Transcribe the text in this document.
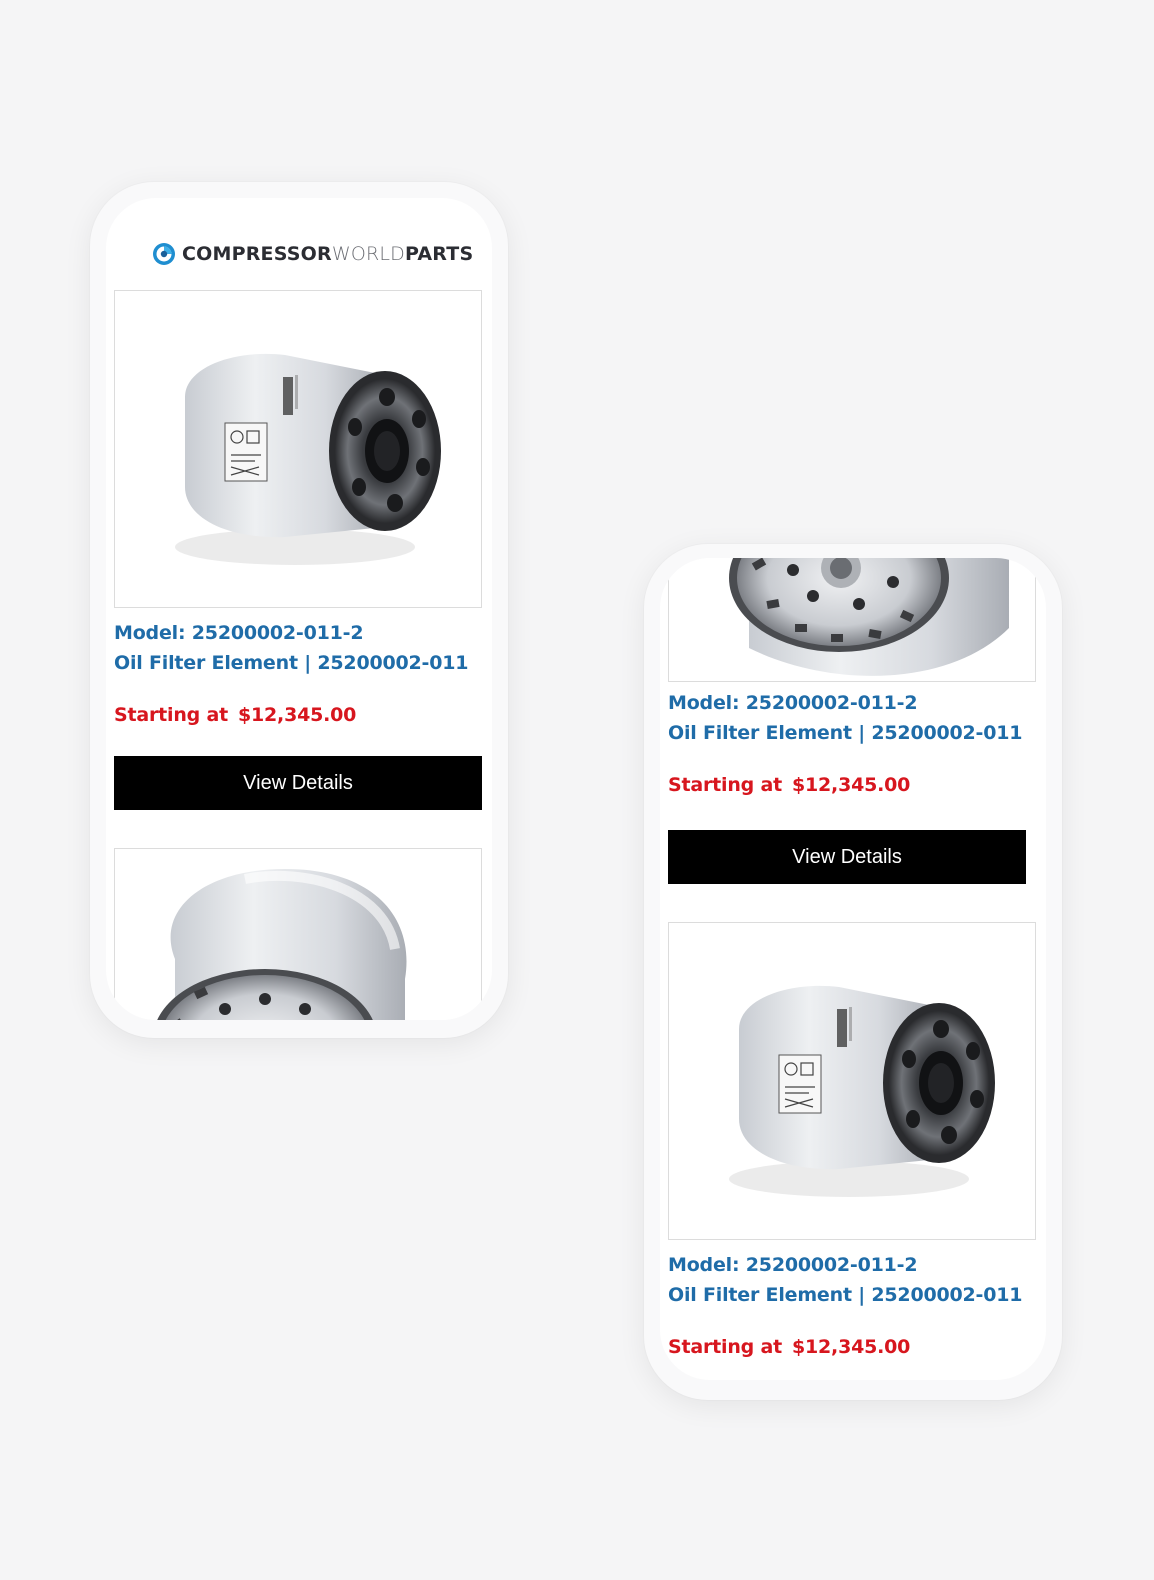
COMPRESSORWORLDPARTS
Model: 25200002-011-2
Oil Filter Element | 25200002-011
Starting at $12,345.00
View Details
Model: 25200002-011-2
Oil Filter Element | 25200002-011
Starting at $12,345.00
View Details
Model: 25200002-011-2
Oil Filter Element | 25200002-011
Starting at $12,345.00
